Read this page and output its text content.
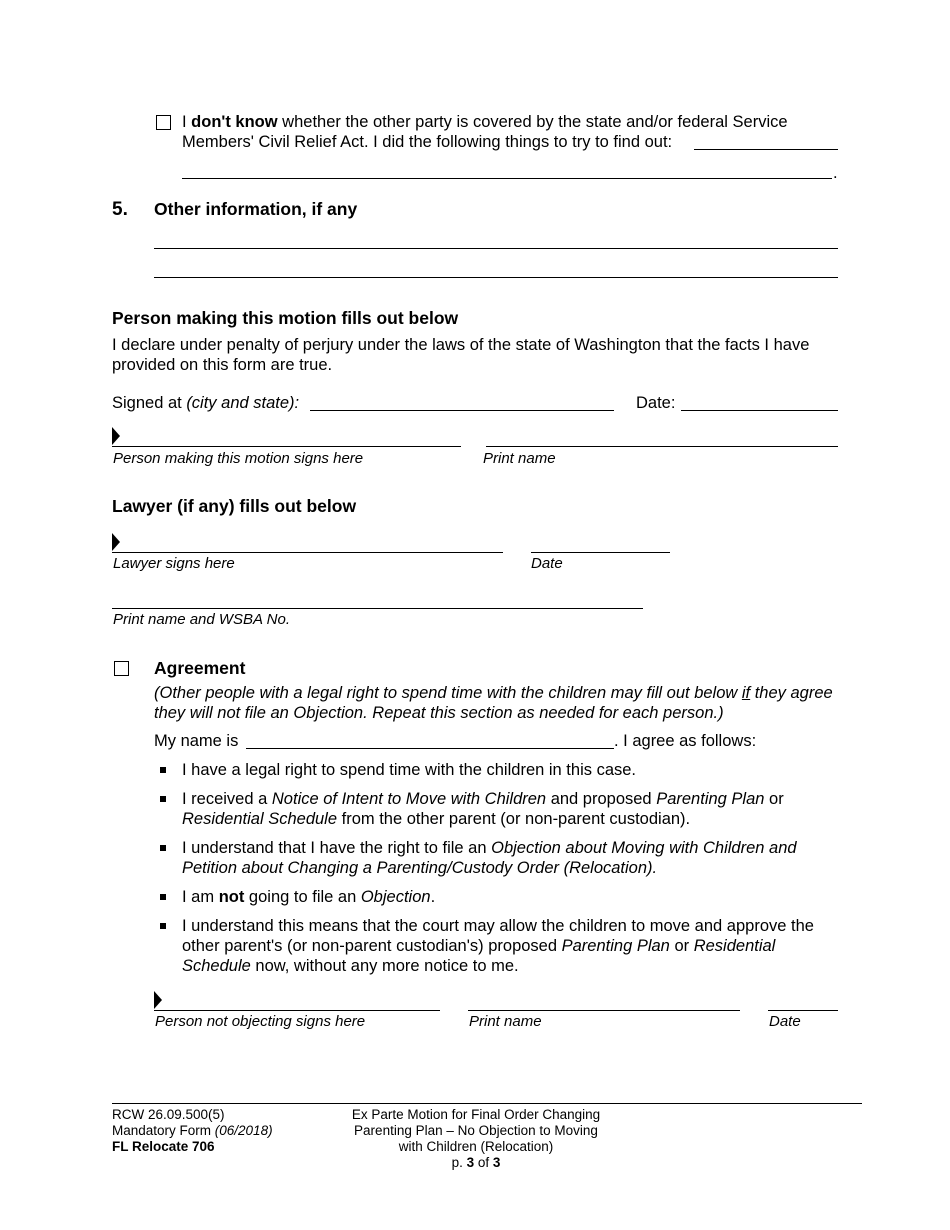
I don't know whether the other party is covered by the state and/or federal Service
Members' Civil Relief Act. I did the following things to try to find out:
.
5. Other information, if any
Person making this motion fills out below
I declare under penalty of perjury under the laws of the state of Washington that the facts I have provided on this form are true.
Signed at (city and state):	Date:
Person making this motion signs here	Print name
Lawyer (if any) fills out below
Lawyer signs here	Date
Print name and WSBA No.
Agreement
(Other people with a legal right to spend time with the children may fill out below if they agree they will not file an Objection. Repeat this section as needed for each person.)
My name is	. I agree as follows:
I have a legal right to spend time with the children in this case.
I received a Notice of Intent to Move with Children and proposed Parenting Plan or Residential Schedule from the other parent (or non-parent custodian).
I understand that I have the right to file an Objection about Moving with Children and Petition about Changing a Parenting/Custody Order (Relocation).
I am not going to file an Objection.
I understand this means that the court may allow the children to move and approve the other parent's (or non-parent custodian's) proposed Parenting Plan or Residential Schedule now, without any more notice to me.
Person not objecting signs here	Print name	Date
RCW 26.09.500(5)
Mandatory Form (06/2018)
FL Relocate 706
Ex Parte Motion for Final Order Changing
Parenting Plan – No Objection to Moving
with Children (Relocation)
p. 3 of 3
